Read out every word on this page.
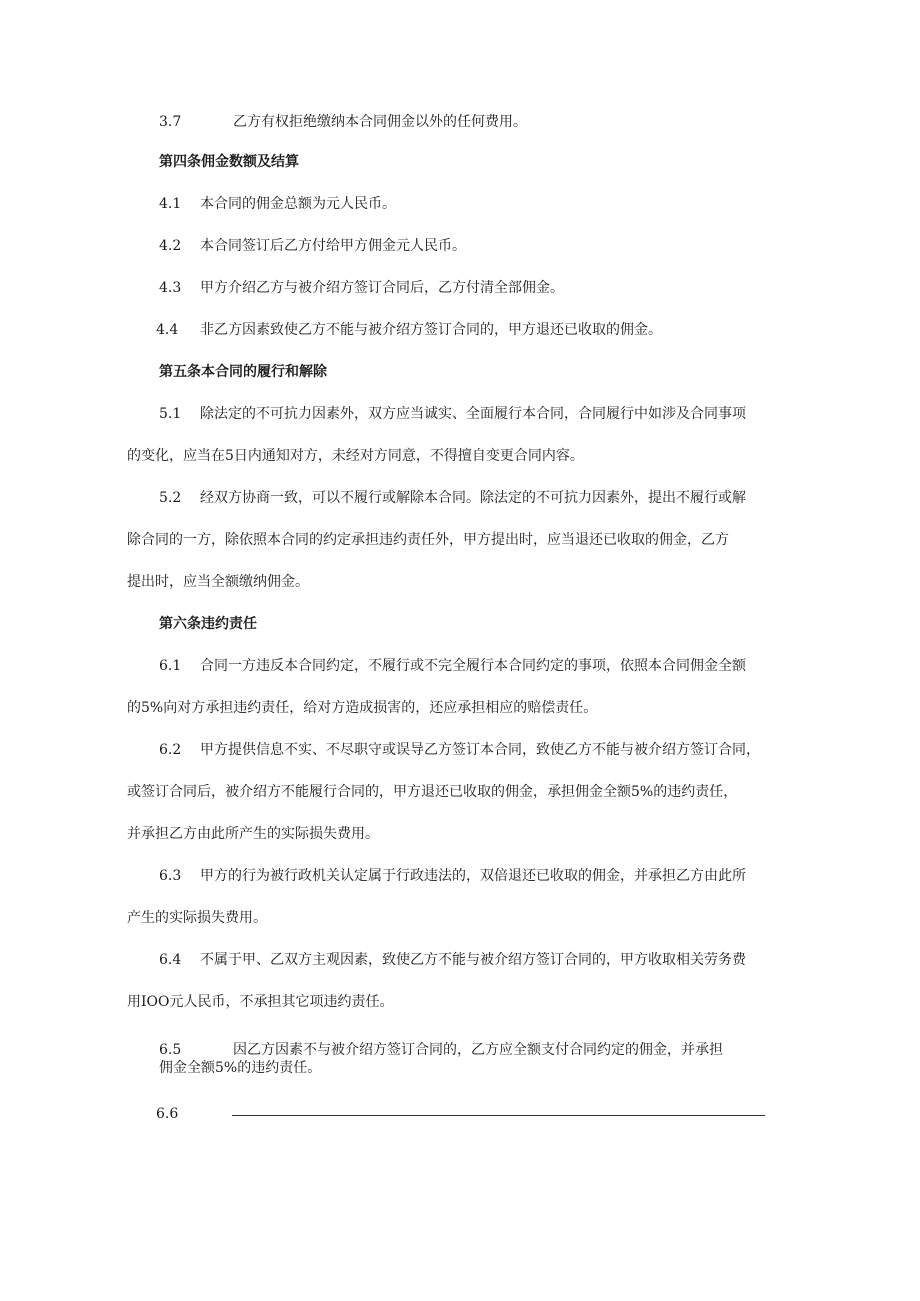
3.7	乙方有权拒绝缴纳本合同佣金以外的任何费用。
第四条佣金数额及结算
4.1 本合同的佣金总额为元人民币。
4.2 本合同签订后乙方付给甲方佣金元人民币。
4.3 甲方介绍乙方与被介绍方签订合同后，乙方付清全部佣金。
4.4 非乙方因素致使乙方不能与被介绍方签订合同的，甲方退还已收取的佣金。
第五条本合同的履行和解除
5.1 除法定的不可抗力因素外，双方应当诚实、全面履行本合同，合同履行中如涉及合同事项
的变化，应当在5日内通知对方，未经对方同意，不得擅自变更合同内容。
5.2 经双方协商一致，可以不履行或解除本合同。除法定的不可抗力因素外，提出不履行或解
除合同的一方，除依照本合同的约定承担违约责任外，甲方提出时，应当退还已收取的佣金，乙方
提出时，应当全额缴纳佣金。
第六条违约责任
6.1 合同一方违反本合同约定，不履行或不完全履行本合同约定的事项，依照本合同佣金全额
的5%向对方承担违约责任，给对方造成损害的，还应承担相应的赔偿责任。
6.2 甲方提供信息不实、不尽职守或误导乙方签订本合同，致使乙方不能与被介绍方签订合同，
或签订合同后，被介绍方不能履行合同的，甲方退还已收取的佣金，承担佣金全额5%的违约责任，
并承担乙方由此所产生的实际损失费用。
6.3 甲方的行为被行政机关认定属于行政违法的，双倍退还已收取的佣金，并承担乙方由此所
产生的实际损失费用。
6.4 不属于甲、乙双方主观因素，致使乙方不能与被介绍方签订合同的，甲方收取相关劳务费
用IOO元人民币，不承担其它项违约责任。
6.5	因乙方因素不与被介绍方签订合同的，乙方应全额支付合同约定的佣金，并承担
佣金全额5%的违约责任。
6.6
